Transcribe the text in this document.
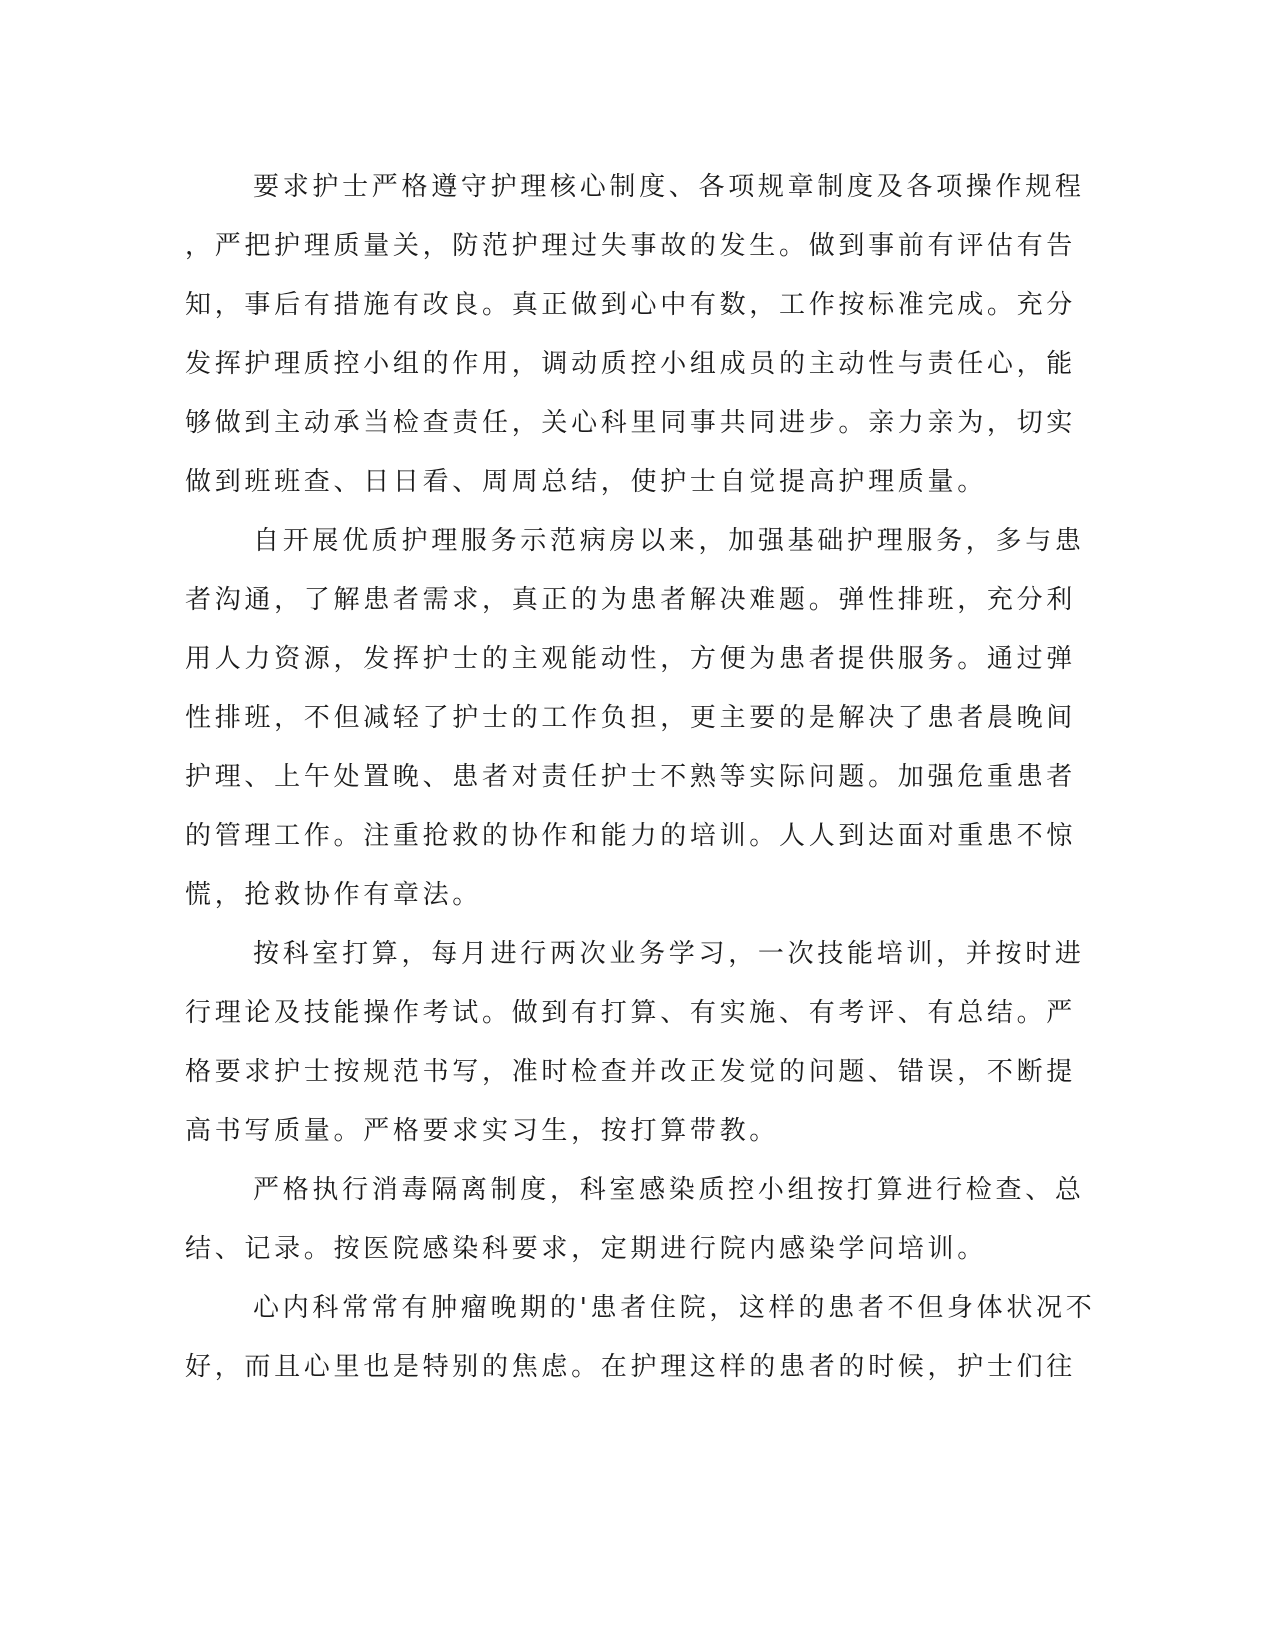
要求护士严格遵守护理核心制度、各项规章制度及各项操作规程
，严把护理质量关，防范护理过失事故的发生。做到事前有评估有告
知，事后有措施有改良。真正做到心中有数，工作按标准完成。充分
发挥护理质控小组的作用，调动质控小组成员的主动性与责任心，能
够做到主动承当检查责任，关心科里同事共同进步。亲力亲为，切实
做到班班查、日日看、周周总结，使护士自觉提高护理质量。
自开展优质护理服务示范病房以来，加强基础护理服务，多与患
者沟通，了解患者需求，真正的为患者解决难题。弹性排班，充分利
用人力资源，发挥护士的主观能动性，方便为患者提供服务。通过弹
性排班，不但减轻了护士的工作负担，更主要的是解决了患者晨晚间
护理、上午处置晚、患者对责任护士不熟等实际问题。加强危重患者
的管理工作。注重抢救的协作和能力的培训。人人到达面对重患不惊
慌，抢救协作有章法。
按科室打算，每月进行两次业务学习，一次技能培训，并按时进
行理论及技能操作考试。做到有打算、有实施、有考评、有总结。严
格要求护士按规范书写，准时检查并改正发觉的问题、错误，不断提
高书写质量。严格要求实习生，按打算带教。
严格执行消毒隔离制度，科室感染质控小组按打算进行检查、总
结、记录。按医院感染科要求，定期进行院内感染学问培训。
心内科常常有肿瘤晚期的'患者住院，这样的患者不但身体状况不
好，而且心里也是特别的焦虑。在护理这样的患者的时候，护士们往
